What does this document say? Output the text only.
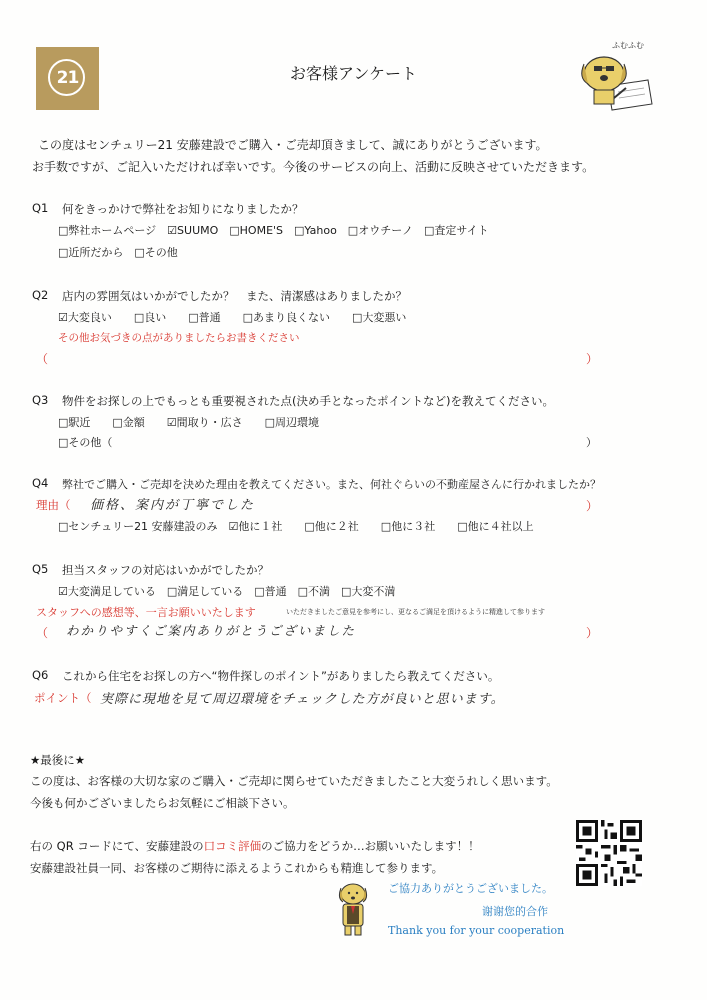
21
ふむふむ
お客様アンケート
この度はセンチュリー21 安藤建設でご購入・ご売却頂きまして、誠にありがとうございます。
お手数ですが、ご記入いただければ幸いです。今後のサービスの向上、活動に反映させていただきます。
Q1 何をきっかけで弊社をお知りになりましたか？
□弊社ホームページ　☑SUUMO　□HOME'S　□Yahoo　□オウチーノ　□査定サイト
□近所だから　□その他
Q2 店内の雰囲気はいかがでしたか？　また、清潔感はありましたか？
☑大変良い　　□良い　　□普通　　□あまり良くない　　□大変悪い
その他お気づきの点がありましたらお書きください
（	）
Q3 物件をお探しの上でもっとも重要視された点(決め手となったポイントなど)を教えてください。
□駅近　　□金額　　☑間取り・広さ　　□周辺環境
□その他（	）
Q4 弊社でご購入・ご売却を決めた理由を教えてください。また、何社ぐらいの不動産屋さんに行かれましたか？
理由（ 価格、案内が丁寧でした	）
□センチュリー21 安藤建設のみ　☑他に１社　　□他に２社　　□他に３社　　□他に４社以上
Q5 担当スタッフの対応はいかがでしたか？
☑大変満足している　□満足している　□普通　□不満　□大変不満
スタッフへの感想等、一言お願いいたします	いただきましたご意見を参考にし、更なるご満足を頂けるように精進して参ります
（ わかりやすくご案内ありがとうございました	）
Q6 これから住宅をお探しの方へ“物件探しのポイント”がありましたら教えてください。
ポイント（ 実際に現地を見て周辺環境をチェックした方が良いと思います。
★最後に★
この度は、お客様の大切な家のご購入・ご売却に関らせていただきましたこと大変うれしく思います。
今後も何かございましたらお気軽にご相談下さい。
右の QR コードにて、安藤建設の口コミ評価のご協力をどうか…お願いいたします！！
安藤建設社員一同、お客様のご期待に添えるようこれからも精進して参ります。
ご協力ありがとうございました。
谢谢您的合作
Thank you for your cooperation
